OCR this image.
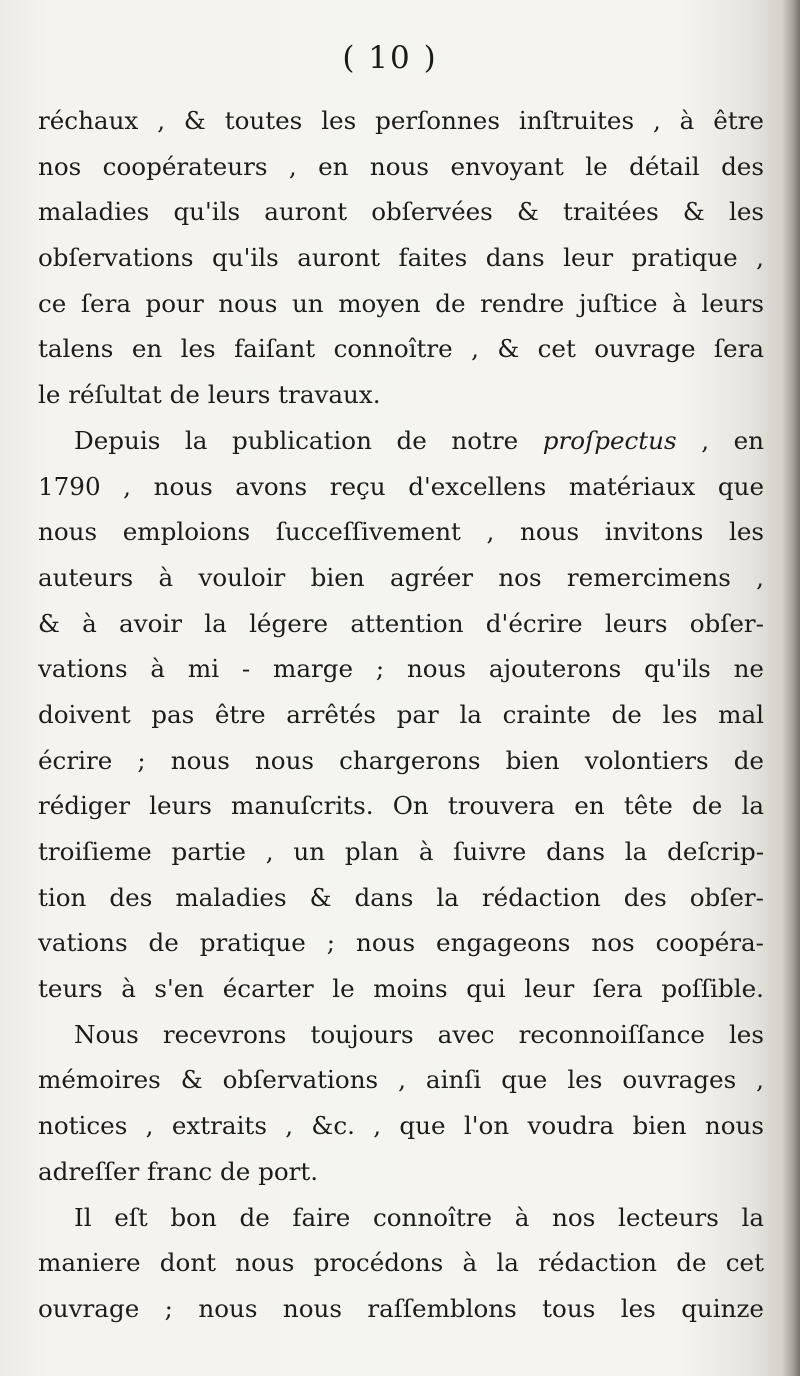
( 10 )
réchaux , & toutes les perſonnes inſtruites , à être
nos coopérateurs , en nous envoyant le détail des
maladies qu'ils auront obſervées & traitées & les
obſervations qu'ils auront faites dans leur pratique ,
ce ſera pour nous un moyen de rendre juſtice à leurs
talens en les faiſant connoître , & cet ouvrage ſera
le réſultat de leurs travaux.
Depuis la publication de notre proſpectus , en
1790 , nous avons reçu d'excellens matériaux que
nous emploions ſucceſſivement , nous invitons les
auteurs à vouloir bien agréer nos remercimens ,
& à avoir la légere attention d'écrire leurs obſer-
vations à mi - marge ; nous ajouterons qu'ils ne
doivent pas être arrêtés par la crainte de les mal
écrire ; nous nous chargerons bien volontiers de
rédiger leurs manuſcrits. On trouvera en tête de la
troiſieme partie , un plan à ſuivre dans la deſcrip-
tion des maladies & dans la rédaction des obſer-
vations de pratique ; nous engageons nos coopéra-
teurs à s'en écarter le moins qui leur ſera poſſible.
Nous recevrons toujours avec reconnoiſſance les
mémoires & obſervations , ainſi que les ouvrages ,
notices , extraits , &c. , que l'on voudra bien nous
adreſſer franc de port.
Il eſt bon de faire connoître à nos lecteurs la
maniere dont nous procédons à la rédaction de cet
ouvrage ; nous nous raſſemblons tous les quinze
